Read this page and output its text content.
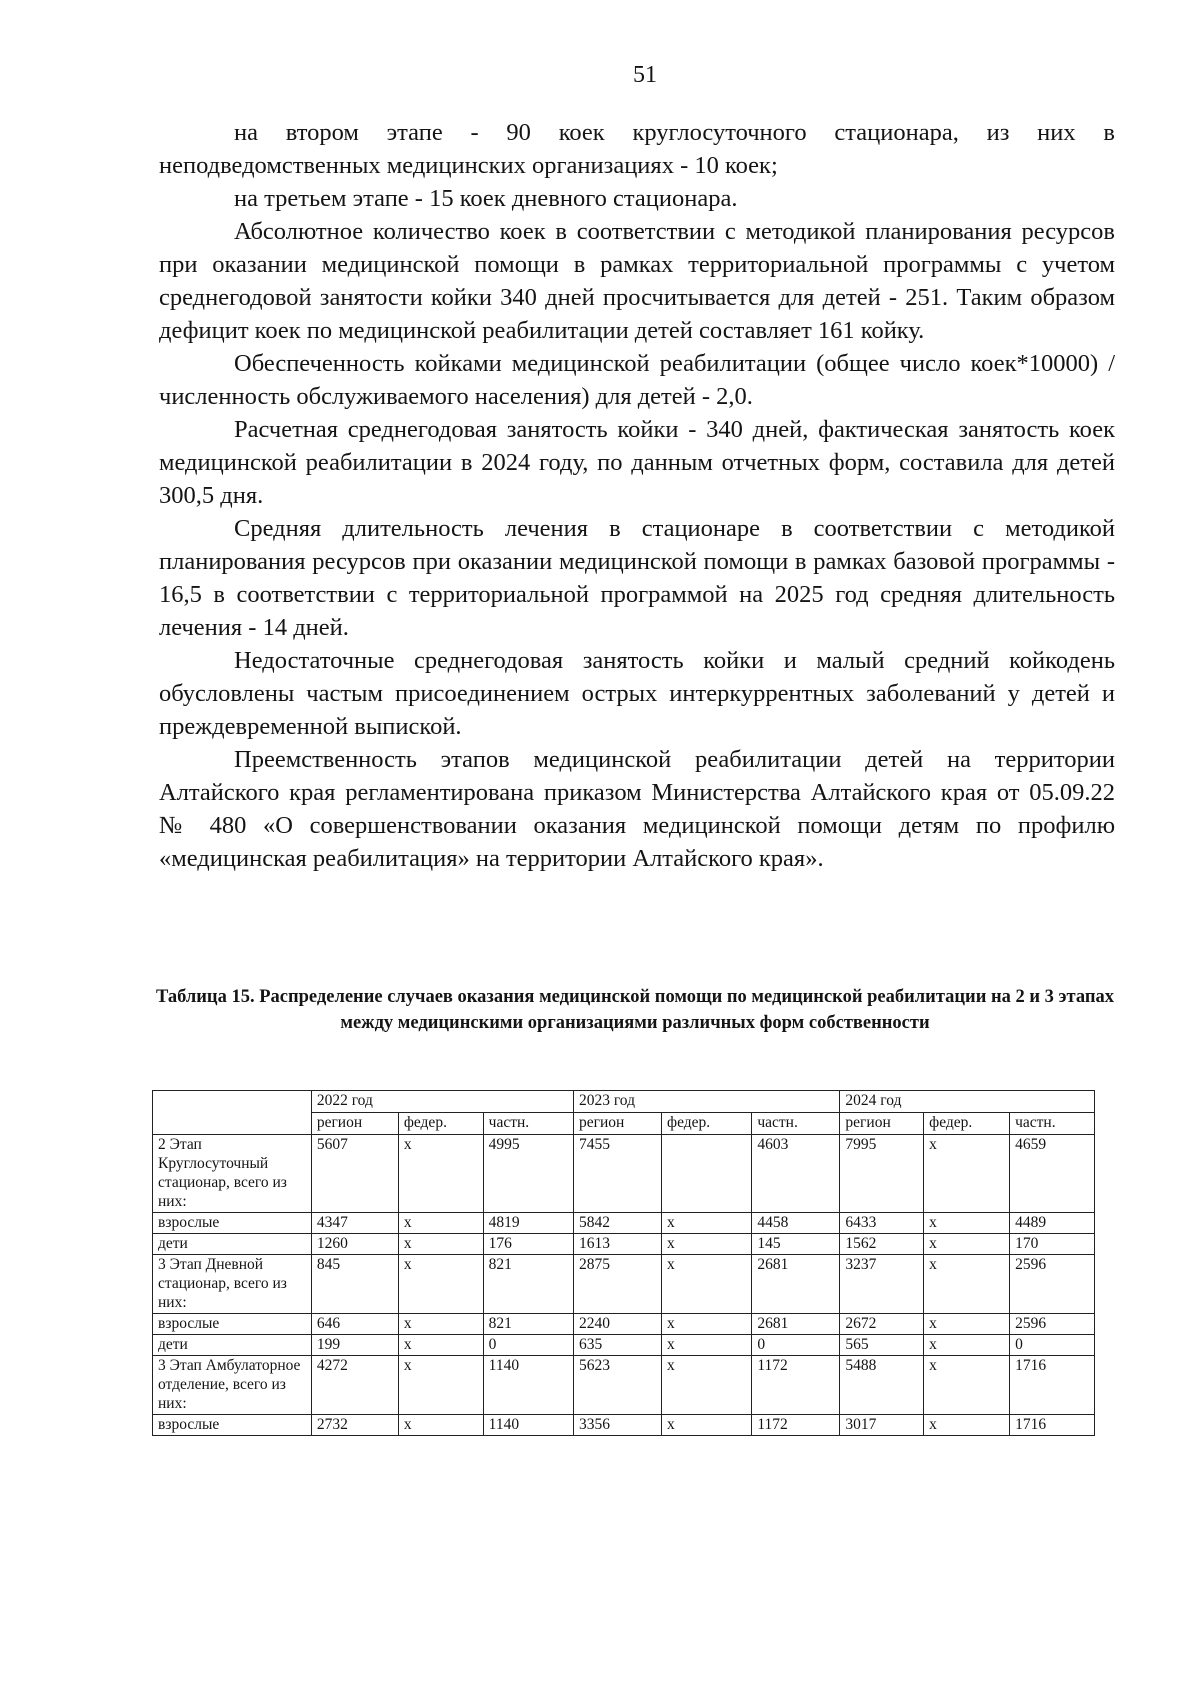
51

на втором этапе - 90 коек круглосуточного стационара, из них в неподведомственных медицинских организациях - 10 коек;

на третьем этапе - 15 коек дневного стационара.

Абсолютное количество коек в соответствии с методикой планирования ресурсов при оказании медицинской помощи в рамках территориальной программы с учетом среднегодовой занятости койки 340 дней просчитывается для детей - 251. Таким образом дефицит коек по медицинской реабилитации детей составляет 161 койку.

Обеспеченность койками медицинской реабилитации (общее число коек*10000) /численность обслуживаемого населения) для детей - 2,0.

Расчетная среднегодовая занятость койки - 340 дней, фактическая занятость коек медицинской реабилитации в 2024 году, по данным отчетных форм, составила для детей 300,5 дня.

Средняя длительность лечения в стационаре в соответствии с методикой планирования ресурсов при оказании медицинской помощи в рамках базовой программы - 16,5 в соответствии с территориальной программой на 2025 год средняя длительность лечения - 14 дней.

Недостаточные среднегодовая занятость койки и малый средний койкодень обусловлены частым присоединением острых интеркуррентных заболеваний у детей и преждевременной выпиской.

Преемственность этапов медицинской реабилитации детей на территории Алтайского края регламентирована приказом Министерства Алтайского края от 05.09.22 № 480 «О совершенствовании оказания медицинской помощи детям по профилю «медицинская реабилитация» на территории Алтайского края».

Таблица 15. Распределение случаев оказания медицинской помощи по медицинской реабилитации на 2 и 3 этапах между медицинскими организациями различных форм собственности
	2022 год			2023 год			2024 год		
	регион	федер.	частн.	регион	федер.	частн.	регион	федер.	частн.
2 Этап Круглосуточный стационар, всего из них:	5607	х	4995	7455		4603	7995	х	4659
взрослые	4347	х	4819	5842	х	4458	6433	х	4489
дети	1260	х	176	1613	х	145	1562	х	170
3 Этап Дневной стационар, всего из них:	845	х	821	2875	х	2681	3237	х	2596
взрослые	646	х	821	2240	х	2681	2672	х	2596
дети	199	х	0	635	х	0	565	х	0
3 Этап Амбулаторное отделение, всего из них:	4272	х	1140	5623	х	1172	5488	х	1716
взрослые	2732	х	1140	3356	х	1172	3017	х	1716
